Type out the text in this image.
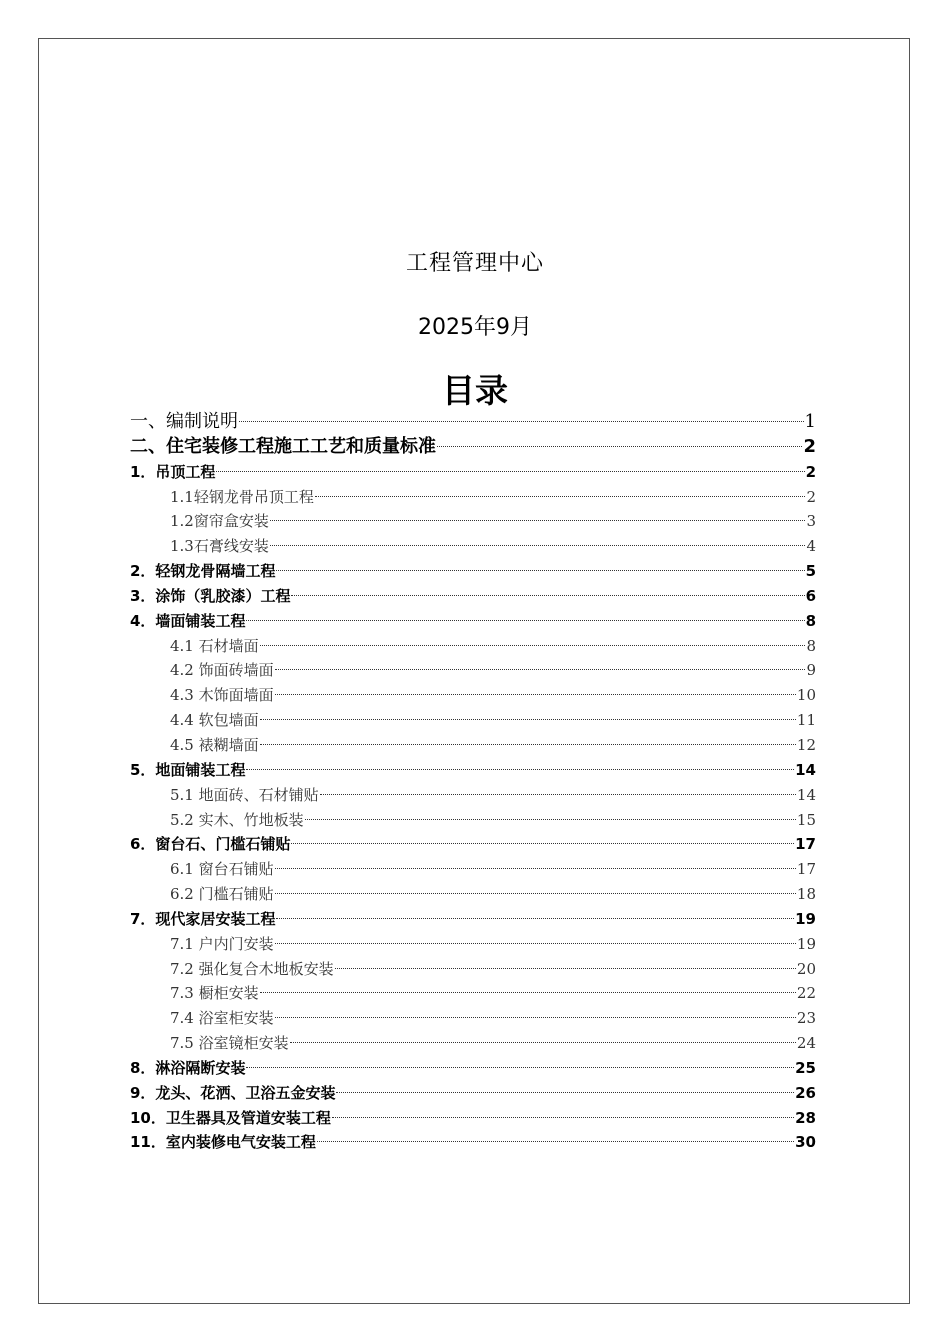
工程管理中心
2025年9月
目录
一、编制说明	1
二、住宅装修工程施工工艺和质量标准	2
1．吊顶工程	2
1.1轻钢龙骨吊顶工程	2
1.2窗帘盒安装	3
1.3石膏线安装	4
2．轻钢龙骨隔墙工程	5
3．涂饰（乳胶漆）工程	6
4．墙面铺装工程	8
4.1 石材墙面	8
4.2 饰面砖墙面	9
4.3 木饰面墙面	10
4.4 软包墙面	11
4.5 裱糊墙面	12
5．地面铺装工程	14
5.1 地面砖、石材铺贴	14
5.2 实木、竹地板装	15
6．窗台石、门槛石铺贴	17
6.1 窗台石铺贴	17
6.2 门槛石铺贴	18
7．现代家居安装工程	19
7.1 户内门安装	19
7.2 强化复合木地板安装	20
7.3 橱柜安装	22
7.4 浴室柜安装	23
7.5 浴室镜柜安装	24
8．淋浴隔断安装	25
9．龙头、花洒、卫浴五金安装	26
10．卫生器具及管道安装工程	28
11．室内装修电气安装工程	30
